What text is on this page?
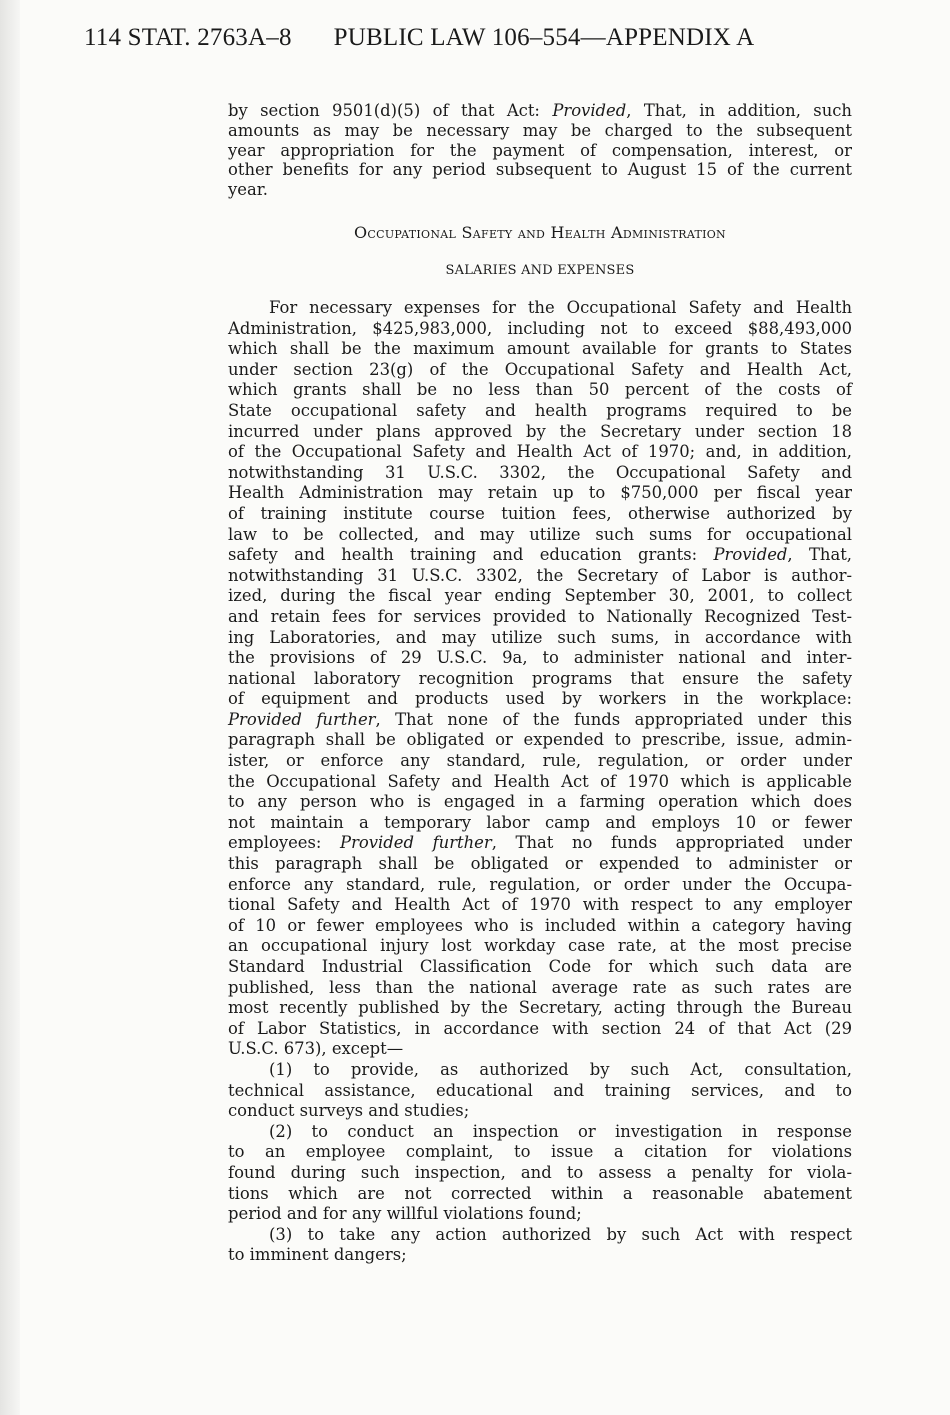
114 STAT. 2763A–8 PUBLIC LAW 106–554—APPENDIX A
by section 9501(d)(5) of that Act: Provided, That, in addition, such
amounts as may be necessary may be charged to the subsequent
year appropriation for the payment of compensation, interest, or
other benefits for any period subsequent to August 15 of the current
year.
Occupational Safety and Health Administration
SALARIES AND EXPENSES
For necessary expenses for the Occupational Safety and Health
Administration, $425,983,000, including not to exceed $88,493,000
which shall be the maximum amount available for grants to States
under section 23(g) of the Occupational Safety and Health Act,
which grants shall be no less than 50 percent of the costs of
State occupational safety and health programs required to be
incurred under plans approved by the Secretary under section 18
of the Occupational Safety and Health Act of 1970; and, in addition,
notwithstanding 31 U.S.C. 3302, the Occupational Safety and
Health Administration may retain up to $750,000 per fiscal year
of training institute course tuition fees, otherwise authorized by
law to be collected, and may utilize such sums for occupational
safety and health training and education grants: Provided, That,
notwithstanding 31 U.S.C. 3302, the Secretary of Labor is author-
ized, during the fiscal year ending September 30, 2001, to collect
and retain fees for services provided to Nationally Recognized Test-
ing Laboratories, and may utilize such sums, in accordance with
the provisions of 29 U.S.C. 9a, to administer national and inter-
national laboratory recognition programs that ensure the safety
of equipment and products used by workers in the workplace:
Provided further, That none of the funds appropriated under this
paragraph shall be obligated or expended to prescribe, issue, admin-
ister, or enforce any standard, rule, regulation, or order under
the Occupational Safety and Health Act of 1970 which is applicable
to any person who is engaged in a farming operation which does
not maintain a temporary labor camp and employs 10 or fewer
employees: Provided further, That no funds appropriated under
this paragraph shall be obligated or expended to administer or
enforce any standard, rule, regulation, or order under the Occupa-
tional Safety and Health Act of 1970 with respect to any employer
of 10 or fewer employees who is included within a category having
an occupational injury lost workday case rate, at the most precise
Standard Industrial Classification Code for which such data are
published, less than the national average rate as such rates are
most recently published by the Secretary, acting through the Bureau
of Labor Statistics, in accordance with section 24 of that Act (29
U.S.C. 673), except—
(1) to provide, as authorized by such Act, consultation,
technical assistance, educational and training services, and to
conduct surveys and studies;
(2) to conduct an inspection or investigation in response
to an employee complaint, to issue a citation for violations
found during such inspection, and to assess a penalty for viola-
tions which are not corrected within a reasonable abatement
period and for any willful violations found;
(3) to take any action authorized by such Act with respect
to imminent dangers;
